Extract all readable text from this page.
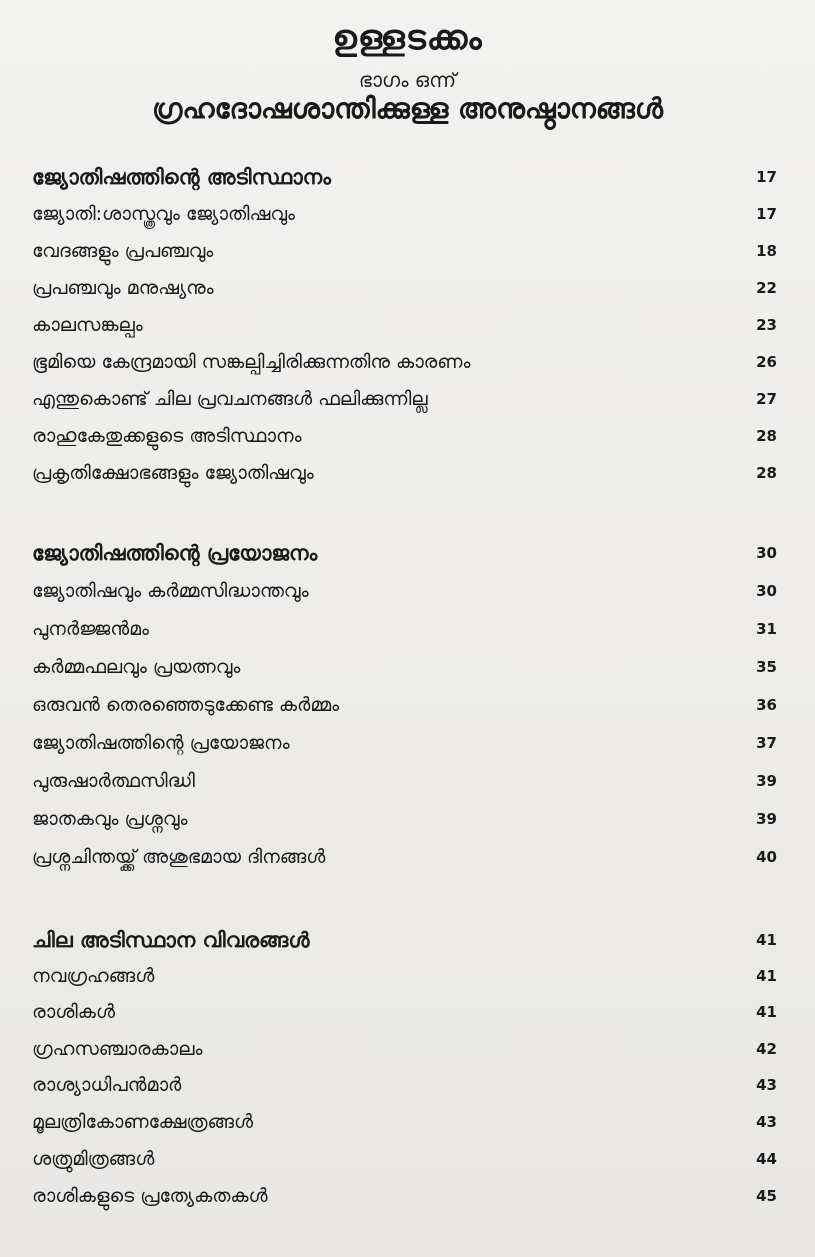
ഉള്ളടക്കം
ഭാഗം ഒന്ന്
ഗ്രഹദോഷശാന്തിക്കുള്ള അനുഷ്ഠാനങ്ങൾ
ജ്യോതിഷത്തിന്റെ അടിസ്ഥാനം	17
ജ്യോതി:ശാസ്ത്രവും ജ്യോതിഷവും	17
വേദങ്ങളും പ്രപഞ്ചവും	18
പ്രപഞ്ചവും മനുഷ്യനും	22
കാലസങ്കല്പം	23
ഭൂമിയെ കേന്ദ്രമായി സങ്കല്പിച്ചിരിക്കുന്നതിനു കാരണം	26
എന്തുകൊണ്ട് ചില പ്രവചനങ്ങൾ ഫലിക്കുന്നില്ല	27
രാഹുകേതുക്കളുടെ അടിസ്ഥാനം	28
പ്രകൃതിക്ഷോഭങ്ങളും ജ്യോതിഷവും	28
ജ്യോതിഷത്തിന്റെ പ്രയോജനം	30
ജ്യോതിഷവും കർമ്മസിദ്ധാന്തവും	30
പുനർജ്ജൻമം	31
കർമ്മഫലവും പ്രയത്നവും	35
ഒരുവൻ തെരഞ്ഞെടുക്കേണ്ട കർമ്മം	36
ജ്യോതിഷത്തിന്റെ പ്രയോജനം	37
പുരുഷാർത്ഥസിദ്ധി	39
ജാതകവും പ്രശ്നവും	39
പ്രശ്നചിന്തയ്ക്ക് അശുഭമായ ദിനങ്ങൾ	40
ചില അടിസ്ഥാന വിവരങ്ങൾ	41
നവഗ്രഹങ്ങൾ	41
രാശികൾ	41
ഗ്രഹസഞ്ചാരകാലം	42
രാശ്യാധിപൻമാർ	43
മൂലത്രികോണക്ഷേത്രങ്ങൾ	43
ശത്രുമിത്രങ്ങൾ	44
രാശികളുടെ പ്രത്യേകതകൾ	45
